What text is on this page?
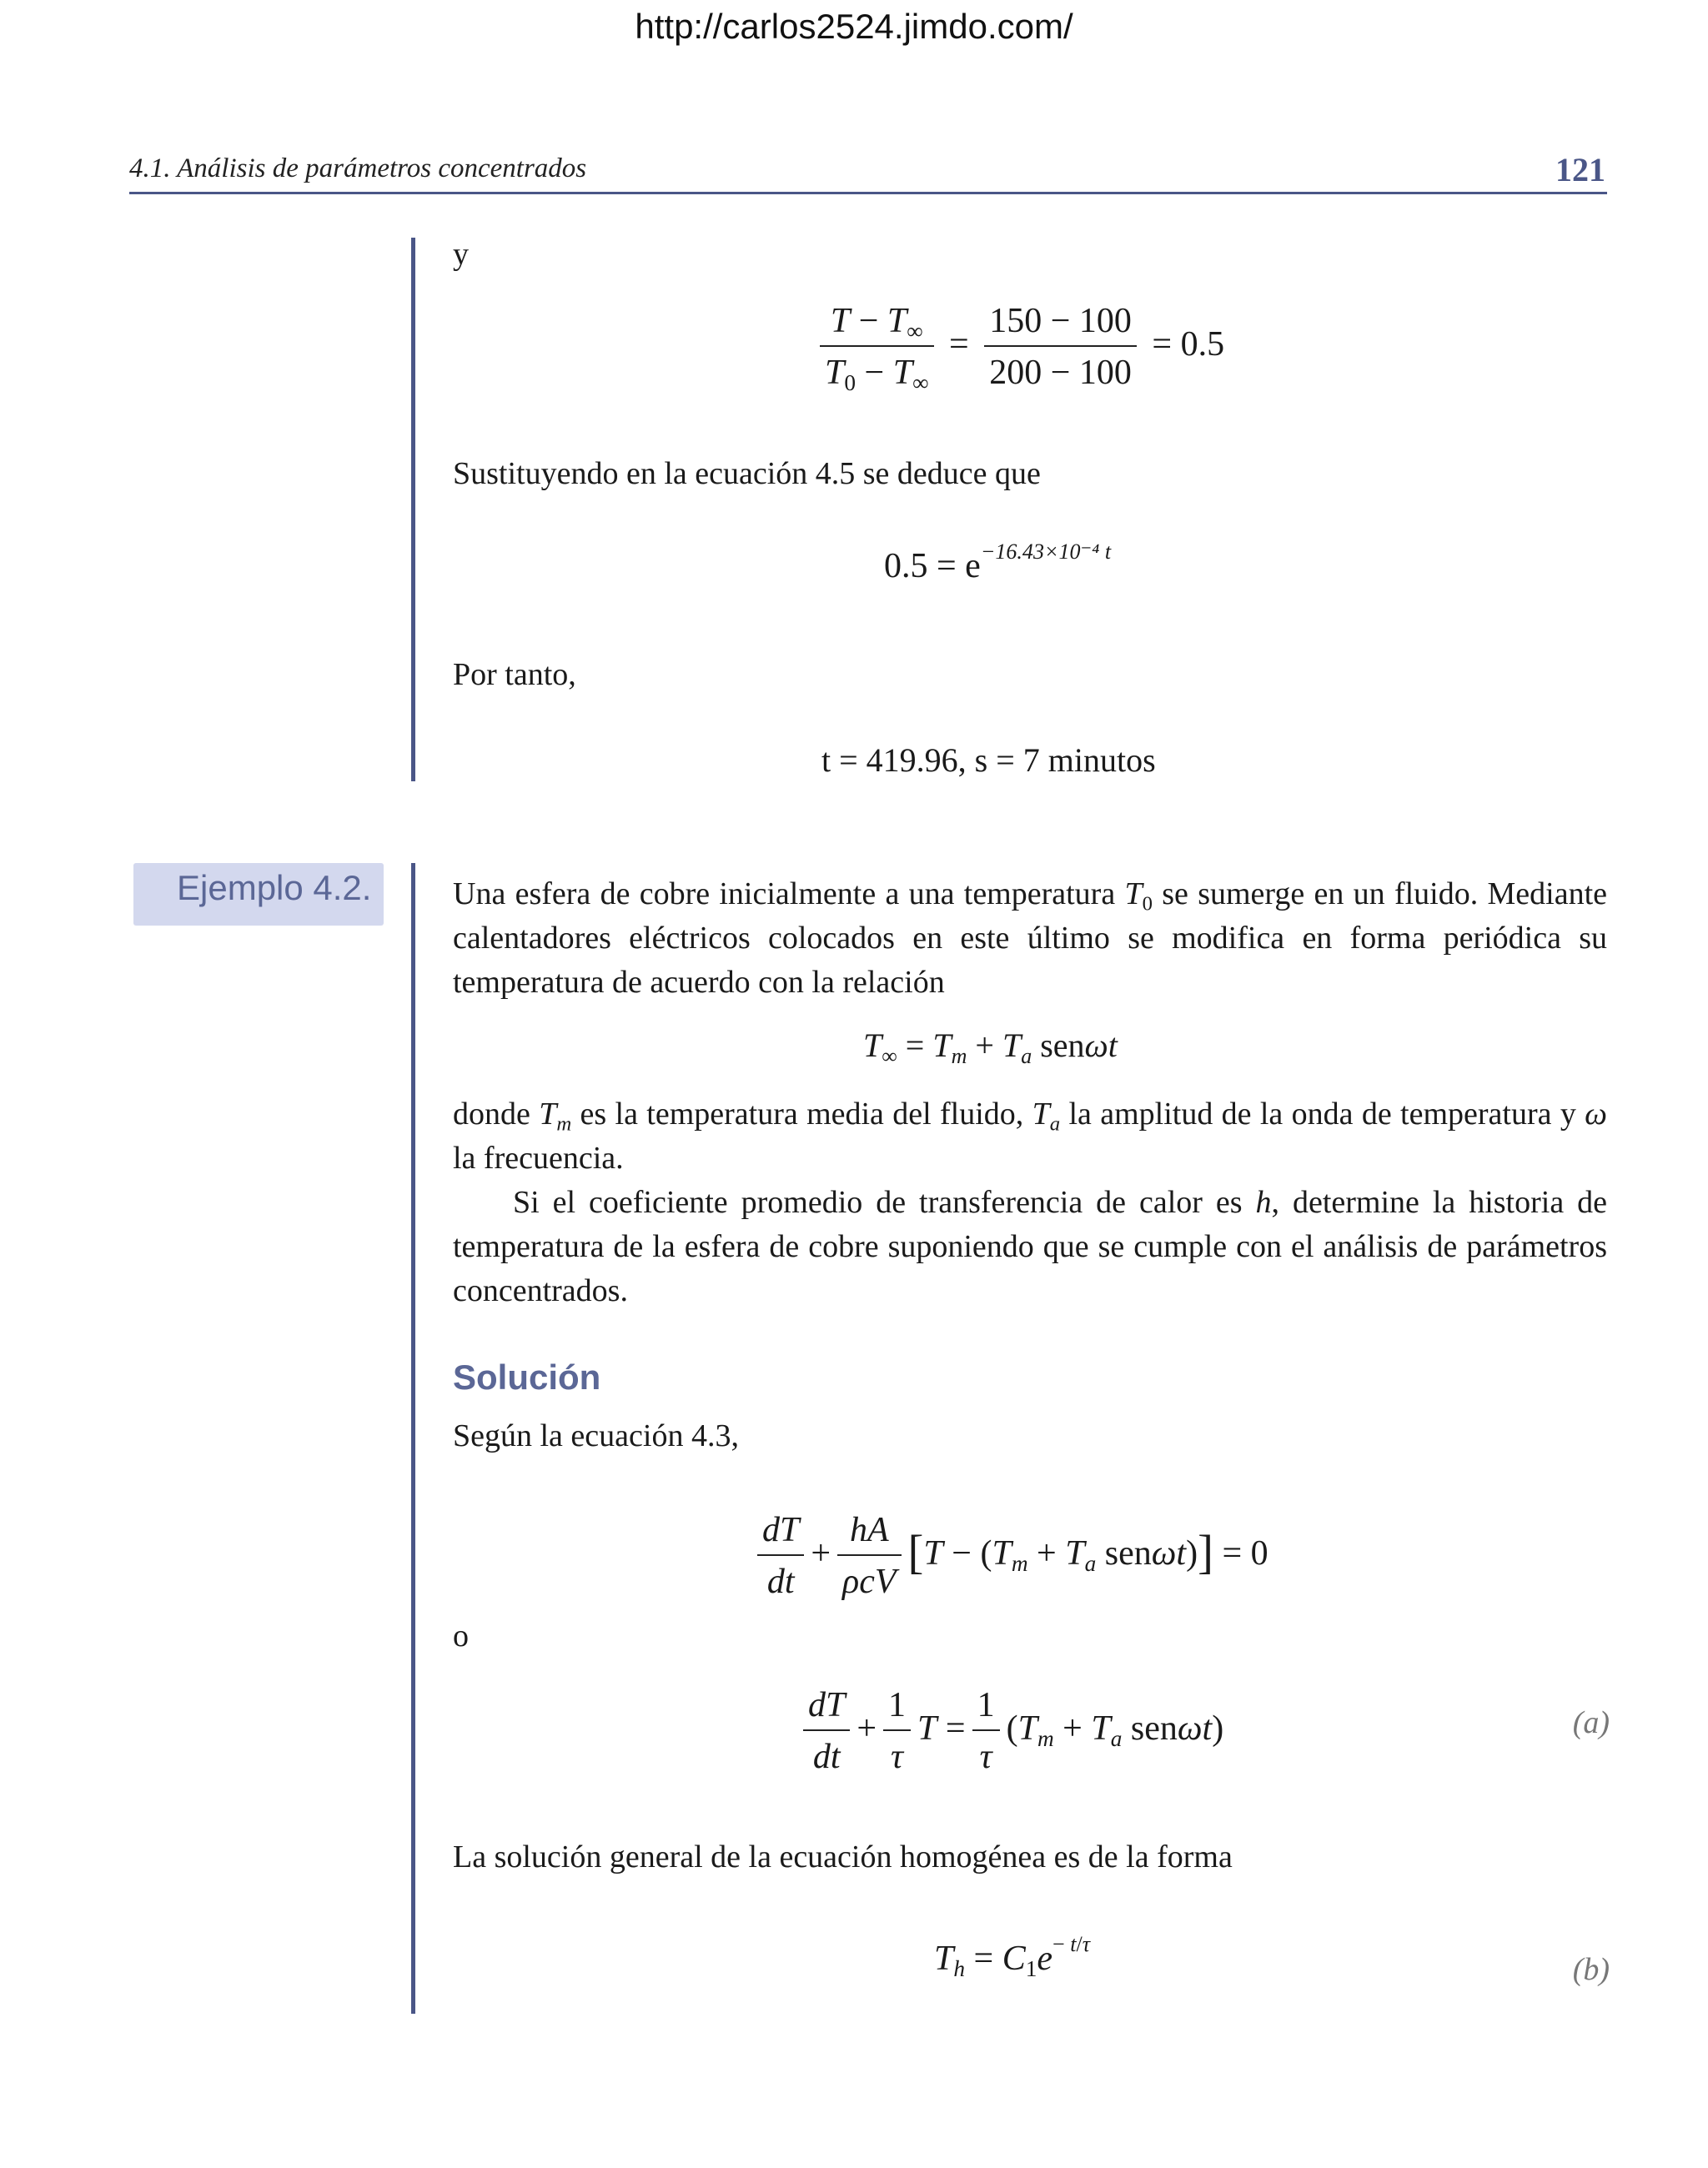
http://carlos2524.jimdo.com/
4.1. Análisis de parámetros concentrados	121
y
$\frac{T - T_\infty}{T_0 - T_\infty} = \frac{150 - 100}{200 - 100} = 0.5$
Sustituyendo en la ecuación 4.5 se deduce que
$0.5 = e^{-16.43\times 10^{-4} t}$
Por tanto,
t = 419.96, s = 7 minutos
Ejemplo 4.2.	Una esfera de cobre inicialmente a una temperatura $T_0$ se sumerge en un fluido. Mediante calentadores eléctricos colocados en este último se modifica en forma periódica su temperatura de acuerdo con la relación
$T_\infty = T_m + T_a$ senωt
donde $T_m$ es la temperatura media del fluido, $T_a$ la amplitud de la onda de temperatura y ω la frecuencia.
Si el coeficiente promedio de transferencia de calor es h, determine la historia de temperatura de la esfera de cobre suponiendo que se cumple con el análisis de parámetros concentrados.
Solución
Según la ecuación 4.3,
$\frac{dT}{dt} + \frac{hA}{\text{ρcV}} [T - (T_m + T_a$ senωt)] = 0
o
$\frac{dT}{dt} + \frac{1}{\tau}$ $T = \frac{1}{\tau} (T_m + T_a$ senωt)	(a)
La solución general de la ecuación homogénea es de la forma
$T_h = C_1e^{- t/\tau}$
(b)
